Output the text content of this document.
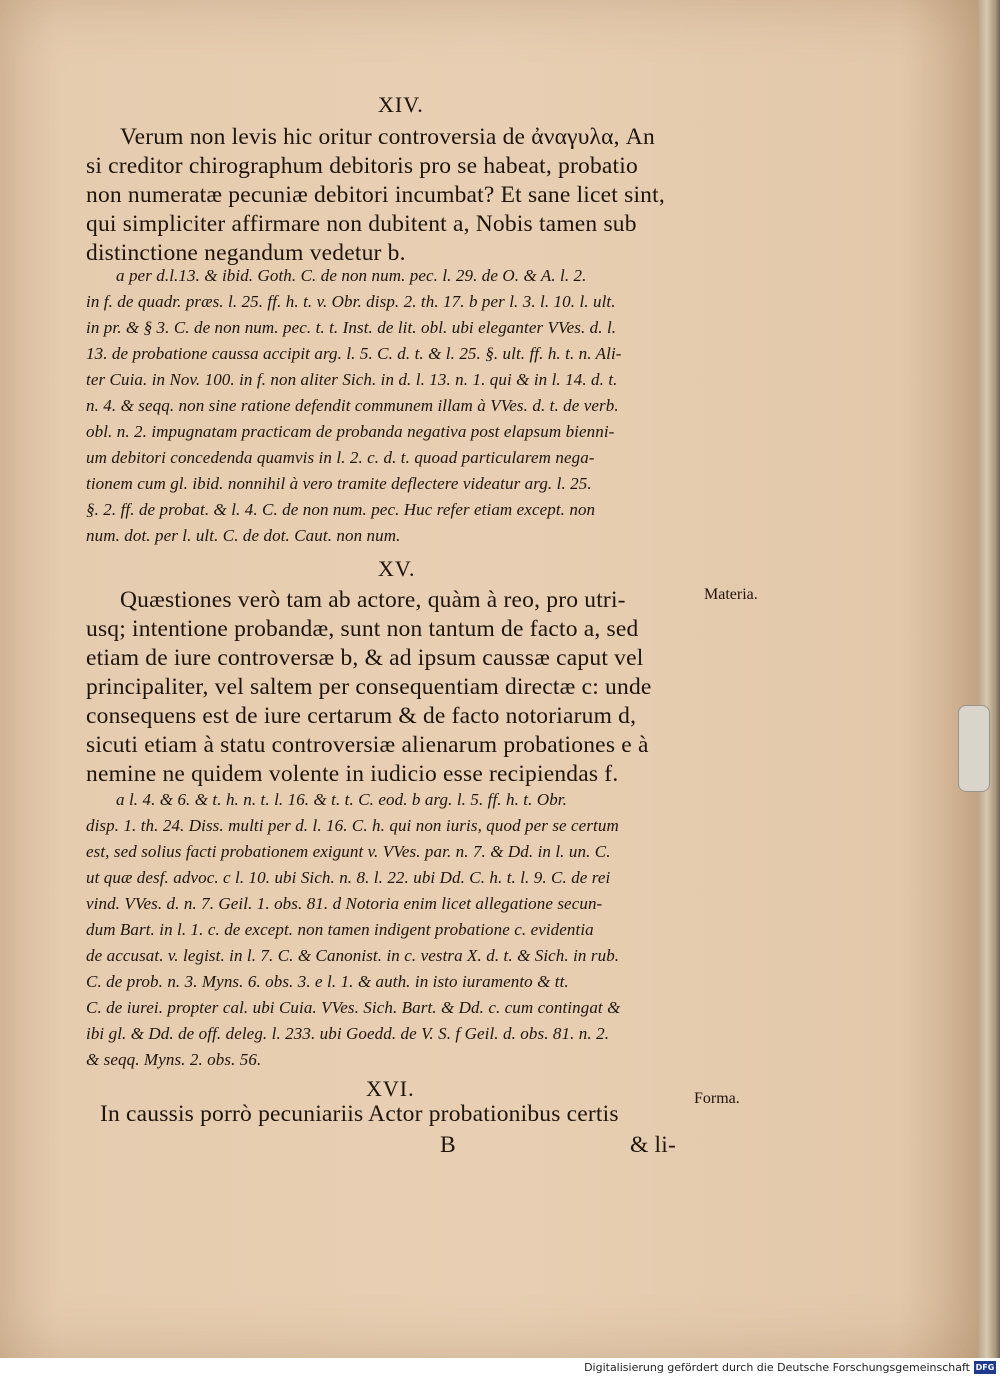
XIV.
Verum non levis hic oritur controversia de ἀναγυλα, An
si creditor chirographum debitoris pro se habeat, probatio
non numeratæ pecuniæ debitori incumbat? Et sane licet sint,
qui simpliciter affirmare non dubitent a, Nobis tamen sub
distinctione negandum vedetur b.
a per d.l.13. & ibid. Goth. C. de non num. pec. l. 29. de O. & A. l. 2.
in f. de quadr. præs. l. 25. ff. h. t. v. Obr. disp. 2. th. 17. b per l. 3. l. 10. l. ult.
in pr. & § 3. C. de non num. pec. t. t. Inst. de lit. obl. ubi eleganter VVes. d. l.
13. de probatione caussa accipit arg. l. 5. C. d. t. & l. 25. §. ult. ff. h. t. n. Ali-
ter Cuia. in Nov. 100. in f. non aliter Sich. in d. l. 13. n. 1. qui & in l. 14. d. t.
n. 4. & seqq. non sine ratione defendit communem illam à VVes. d. t. de verb.
obl. n. 2. impugnatam practicam de probanda negativa post elapsum bienni-
um debitori concedenda quamvis in l. 2. c. d. t. quoad particularem nega-
tionem cum gl. ibid. nonnihil à vero tramite deflectere videatur arg. l. 25.
§. 2. ff. de probat. & l. 4. C. de non num. pec. Huc refer etiam except. non
num. dot. per l. ult. C. de dot. Caut. non num.
XV.
Materia.
Quæstiones verò tam ab actore, quàm à reo, pro utri-
usq; intentione probandæ, sunt non tantum de facto a, sed
etiam de iure controversæ b, & ad ipsum caussæ caput vel
principaliter, vel saltem per consequentiam directæ c: unde
consequens est de iure certarum & de facto notoriarum d,
sicuti etiam à statu controversiæ alienarum probationes e à
nemine ne quidem volente in iudicio esse recipiendas f.
a l. 4. & 6. & t. h. n. t. l. 16. & t. t. C. eod. b arg. l. 5. ff. h. t. Obr.
disp. 1. th. 24. Diss. multi per d. l. 16. C. h. qui non iuris, quod per se certum
est, sed solius facti probationem exigunt v. VVes. par. n. 7. & Dd. in l. un. C.
ut quæ desf. advoc. c l. 10. ubi Sich. n. 8. l. 22. ubi Dd. C. h. t. l. 9. C. de rei
vind. VVes. d. n. 7. Geil. 1. obs. 81. d Notoria enim licet allegatione secun-
dum Bart. in l. 1. c. de except. non tamen indigent probatione c. evidentia
de accusat. v. legist. in l. 7. C. & Canonist. in c. vestra X. d. t. & Sich. in rub.
C. de prob. n. 3. Myns. 6. obs. 3. e l. 1. & auth. in isto iuramento & tt.
C. de iurei. propter cal. ubi Cuia. VVes. Sich. Bart. & Dd. c. cum contingat &
ibi gl. & Dd. de off. deleg. l. 233. ubi Goedd. de V. S. f Geil. d. obs. 81. n. 2.
& seqq. Myns. 2. obs. 56.
XVI.	Forma.
In caussis porrò pecuniariis Actor probationibus certis
B	& li-
Digitalisierung gefördert durch die Deutsche Forschungsgemeinschaft DFG
